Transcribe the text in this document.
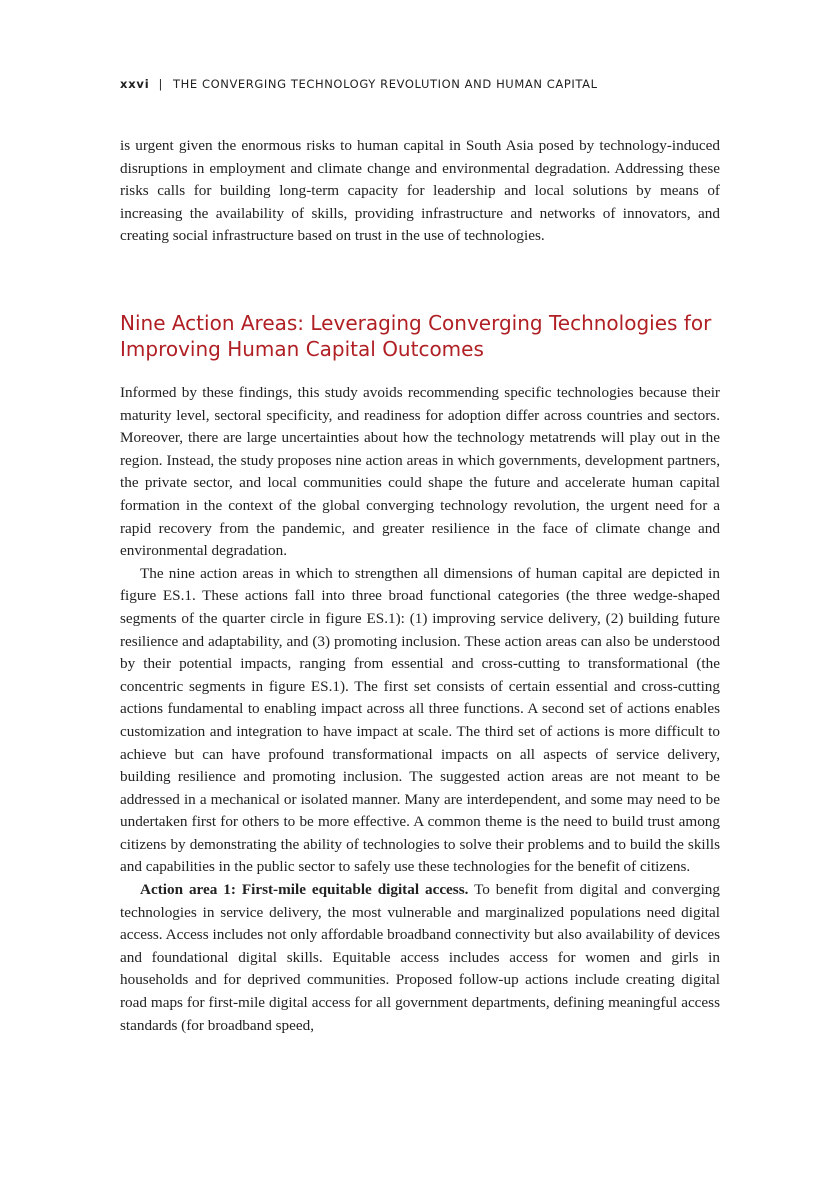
xxvi | THE CONVERGING TECHNOLOGY REVOLUTION AND HUMAN CAPITAL

is urgent given the enormous risks to human capital in South Asia posed by technology-induced disruptions in employment and climate change and environmental degradation. Addressing these risks calls for building long-term capacity for leadership and local solutions by means of increasing the availability of skills, providing infrastructure and networks of innovators, and creating social infrastructure based on trust in the use of technologies.

Nine Action Areas: Leveraging Converging Technologies for Improving Human Capital Outcomes

Informed by these findings, this study avoids recommending specific technologies because their maturity level, sectoral specificity, and readiness for adoption differ across countries and sectors. Moreover, there are large uncertainties about how the technology metatrends will play out in the region. Instead, the study proposes nine action areas in which governments, development partners, the private sector, and local communities could shape the future and accelerate human capital formation in the context of the global converging technology revolution, the urgent need for a rapid recovery from the pandemic, and greater resilience in the face of climate change and environmental degradation.

The nine action areas in which to strengthen all dimensions of human capital are depicted in figure ES.1. These actions fall into three broad functional categories (the three wedge-shaped segments of the quarter circle in figure ES.1): (1) improving service delivery, (2) building future resilience and adaptability, and (3) promoting inclusion. These action areas can also be understood by their potential impacts, ranging from essential and cross-cutting to transformational (the concentric segments in figure ES.1). The first set consists of certain essential and cross-cutting actions fundamental to enabling impact across all three functions. A second set of actions enables customization and integration to have impact at scale. The third set of actions is more difficult to achieve but can have profound transformational impacts on all aspects of service delivery, building resilience and promoting inclusion. The suggested action areas are not meant to be addressed in a mechanical or isolated manner. Many are interdependent, and some may need to be undertaken first for others to be more effective. A common theme is the need to build trust among citizens by demonstrating the ability of technologies to solve their problems and to build the skills and capabilities in the public sector to safely use these technologies for the benefit of citizens.

Action area 1: First-mile equitable digital access. To benefit from digital and converging technologies in service delivery, the most vulnerable and marginalized populations need digital access. Access includes not only affordable broadband connectivity but also availability of devices and foundational digital skills. Equitable access includes access for women and girls in households and for deprived communities. Proposed follow-up actions include creating digital road maps for first-mile digital access for all government departments, defining meaningful access standards (for broadband speed,
